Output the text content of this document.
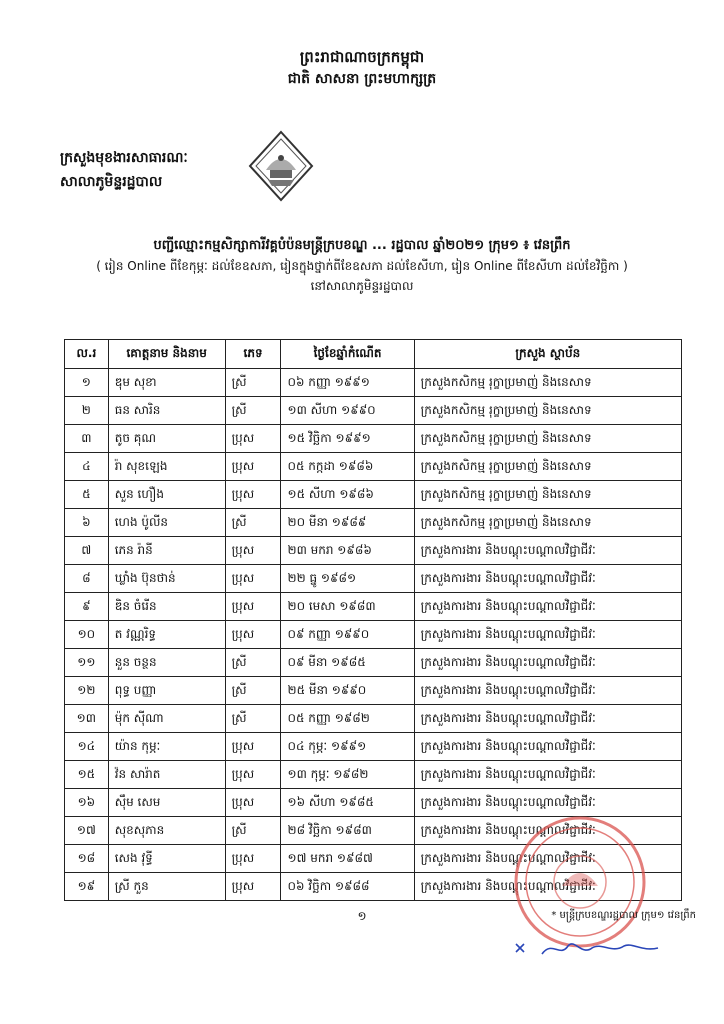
ព្រះរាជាណាចក្រកម្ពុជា
ជាតិ សាសនា ព្រះមហាក្សត្រ
ក្រសួងមុខងារសាធារណៈ
សាលាភូមិន្ទរដ្ឋបាល
បញ្ជីឈ្មោះកម្មសិក្សាការីវគ្គបំប៉នមន្ត្រីក្របខណ្ឌ ... រដ្ឋបាល ឆ្នាំ២០២១ ក្រុម១ ៖ វេនព្រឹក
( រៀន Online ពីខែកុម្ភៈ ដល់ខែឧសភា, រៀនក្នុងថ្នាក់ពីខែឧសភា ដល់ខែសីហា, រៀន Online ពីខែសីហា ដល់ខែវិច្ឆិកា )
នៅសាលាភូមិន្ទរដ្ឋបាល
ល.រ	គោត្តនាម និងនាម	ភេទ	ថ្ងៃខែឆ្នាំកំណើត	ក្រសួង ស្ថាប័ន
១	ឌុម សុខា	ស្រី	០៦ កញ្ញា ១៩៩១	ក្រសួងកសិកម្ម រុក្ខាប្រមាញ់ និងនេសាទ
២	ធន សារិន	ស្រី	១៣ សីហា ១៩៩០	ក្រសួងកសិកម្ម រុក្ខាប្រមាញ់ និងនេសាទ
៣	តូច គុណ	ប្រុស	១៥ វិច្ឆិកា ១៩៩១	ក្រសួងកសិកម្ម រុក្ខាប្រមាញ់ និងនេសាទ
៤	រ៉ា សុខឡេង	ប្រុស	០៥ កក្កដា ១៩៨៦	ក្រសួងកសិកម្ម រុក្ខាប្រមាញ់ និងនេសាទ
៥	សួន ហឿង	ប្រុស	១៥ សីហា ១៩៨៦	ក្រសួងកសិកម្ម រុក្ខាប្រមាញ់ និងនេសាទ
៦	ហេង ប៉ូលីន	ស្រី	២០ មីនា ១៩៨៩	ក្រសួងកសិកម្ម រុក្ខាប្រមាញ់ និងនេសាទ
៧	ភេន រ៉ានី	ប្រុស	២៣ មករា ១៩៨៦	ក្រសួងការងារ និងបណ្តុះបណ្តាលវិជ្ជាជីវៈ
៨	ឃ្លាំង ប៊ុនថាន់	ប្រុស	២២ ធ្នូ ១៩៨១	ក្រសួងការងារ និងបណ្តុះបណ្តាលវិជ្ជាជីវៈ
៩	ឌិន ចំរើន	ប្រុស	២០ មេសា ១៩៨៣	ក្រសួងការងារ និងបណ្តុះបណ្តាលវិជ្ជាជីវៈ
១០	ត វណ្ណរិទ្ធ	ប្រុស	០៩ កញ្ញា ១៩៩០	ក្រសួងការងារ និងបណ្តុះបណ្តាលវិជ្ជាជីវៈ
១១	នួន ចន្ថន	ស្រី	០៩ មីនា ១៩៨៥	ក្រសួងការងារ និងបណ្តុះបណ្តាលវិជ្ជាជីវៈ
១២	ពុទ្ធ បញ្ញា	ស្រី	២៥ មីនា ១៩៩០	ក្រសួងការងារ និងបណ្តុះបណ្តាលវិជ្ជាជីវៈ
១៣	ម៉ុក ស៊ីណា	ស្រី	០៥ កញ្ញា ១៩៨២	ក្រសួងការងារ និងបណ្តុះបណ្តាលវិជ្ជាជីវៈ
១៤	យ៉ាន កុម្ភៈ	ប្រុស	០៤ កុម្ភៈ ១៩៩១	ក្រសួងការងារ និងបណ្តុះបណ្តាលវិជ្ជាជីវៈ
១៥	វ៉ន សារ៉ាត	ប្រុស	១៣ កុម្ភៈ ១៩៨២	ក្រសួងការងារ និងបណ្តុះបណ្តាលវិជ្ជាជីវៈ
១៦	ស៊ឹម សេម	ប្រុស	១៦ សីហា ១៩៨៥	ក្រសួងការងារ និងបណ្តុះបណ្តាលវិជ្ជាជីវៈ
១៧	សុខសុភាន	ស្រី	២៨ វិច្ឆិកា ១៩៨៣	ក្រសួងការងារ និងបណ្តុះបណ្តាលវិជ្ជាជីវៈ
១៨	សេង វុទ្ធី	ប្រុស	១៧ មករា ១៩៨៧	ក្រសួងការងារ និងបណ្តុះបណ្តាលវិជ្ជាជីវៈ
១៩	ស្រី កួន	ប្រុស	០៦ វិច្ឆិកា ១៩៨៨	ក្រសួងការងារ និងបណ្តុះបណ្តាលវិជ្ជាជីវៈ
១	* មន្ត្រីក្របខណ្ឌរដ្ឋបាល ក្រុម១ វេនព្រឹក
